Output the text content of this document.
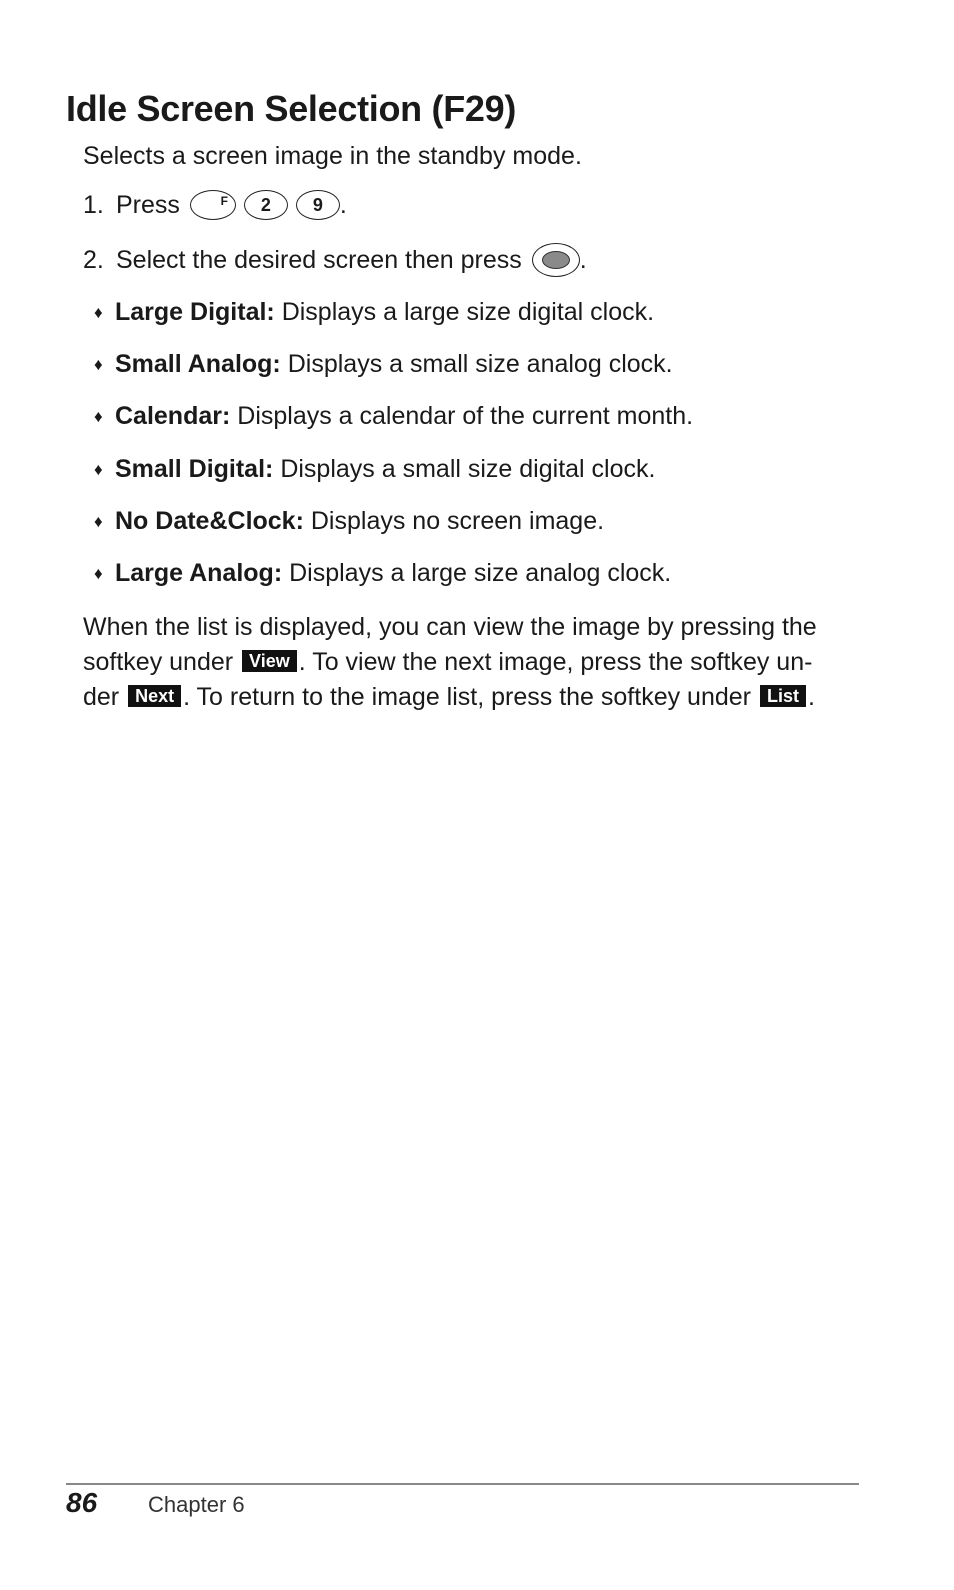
Idle Screen Selection (F29)
Selects a screen image in the standby mode.
1. Press	F	2	9 .
2. Select the desired screen then press .
♦ Large Digital: Displays a large size digital clock.
♦ Small Analog: Displays a small size analog clock.
♦ Calendar: Displays a calendar of the current month.
♦ Small Digital: Displays a small size digital clock.
♦ No Date&Clock: Displays no screen image.
♦ Large Analog: Displays a large size analog clock.
When the list is displayed, you can view the image by pressing the
softkey under View . To view the next image, press the softkey un-
der Next . To return to the image list, press the softkey under List .
86 Chapter 6
